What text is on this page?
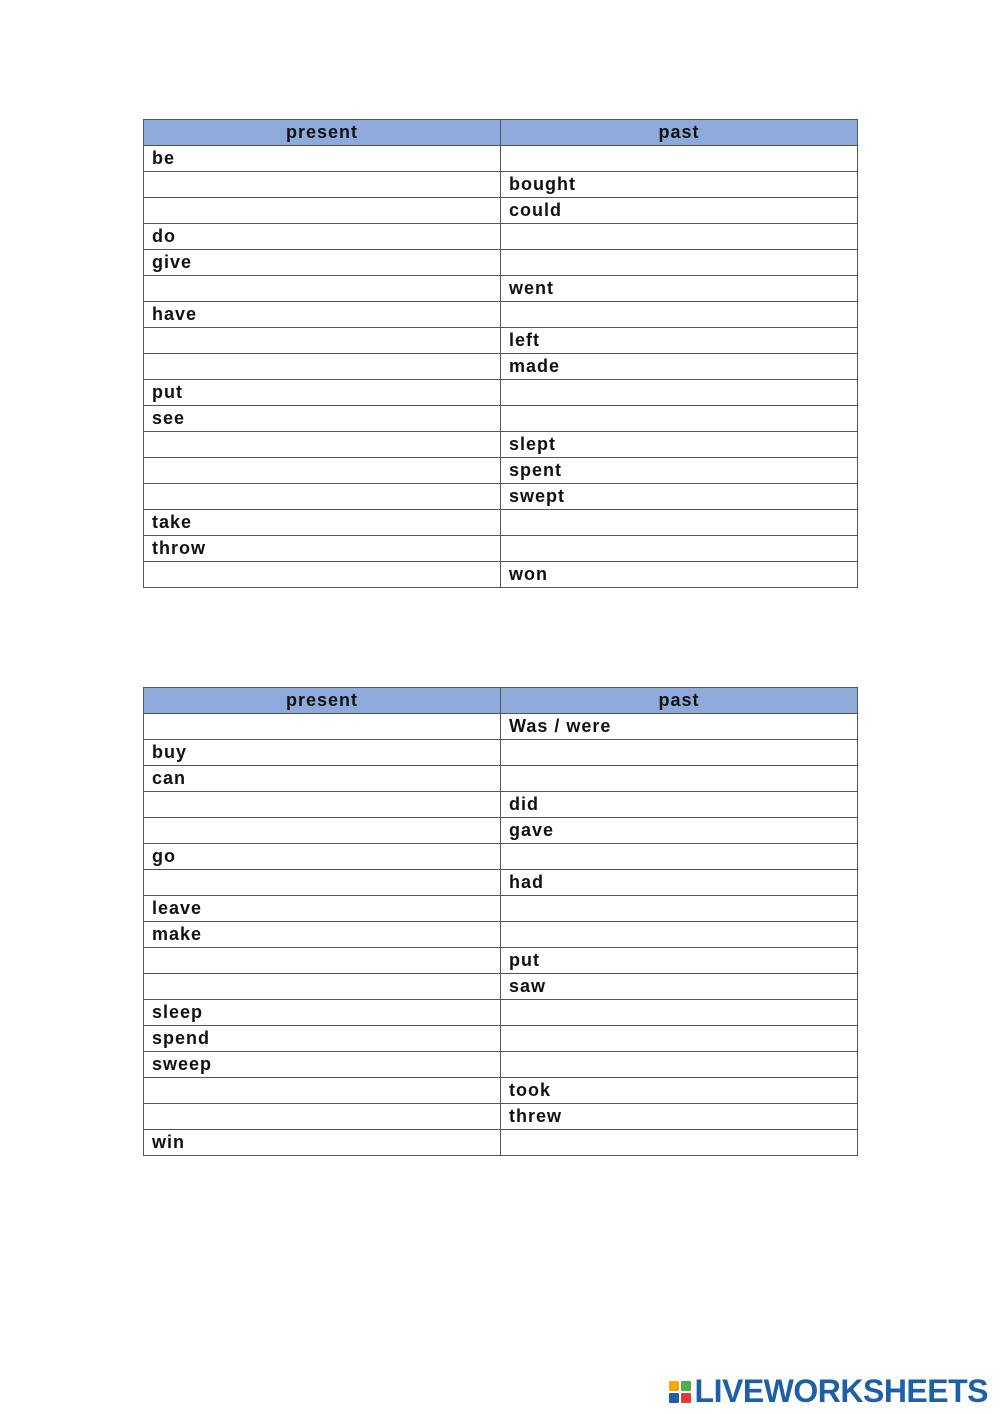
present	past
be	
	bought
	could
do	
give	
	went
have	
	left
	made
put	
see	
	slept
	spent
	swept
take	
throw	
	won
present	past
	Was / were
buy	
can	
	did
	gave
go	
	had
leave	
make	
	put
	saw
sleep	
spend	
sweep	
	took
	threw
win	
LIVEWORKSHEETS
